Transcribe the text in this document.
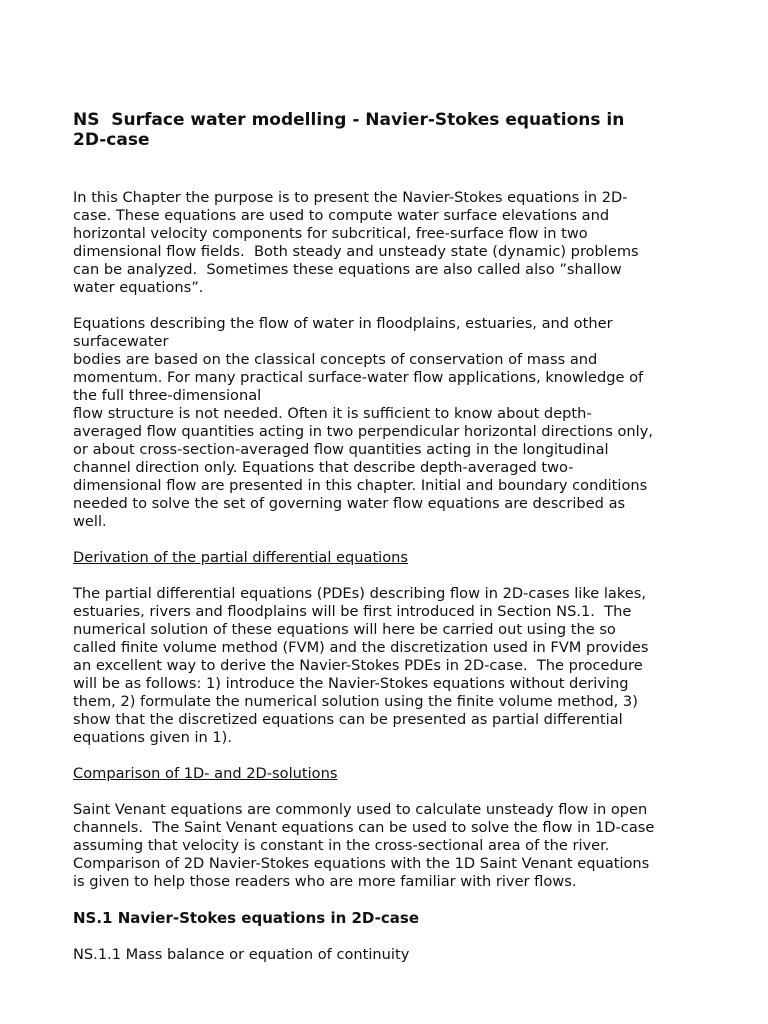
NS  Surface water modelling - Navier-Stokes equations in
2D-case

In this Chapter the purpose is to present the Navier-Stokes equations in 2D-
case. These equations are used to compute water surface elevations and
horizontal velocity components for subcritical, free-surface flow in two
dimensional flow fields.  Both steady and unsteady state (dynamic) problems
can be analyzed.  Sometimes these equations are also called also ”shallow
water equations”.

Equations describing the flow of water in floodplains, estuaries, and other
surfacewater
bodies are based on the classical concepts of conservation of mass and
momentum. For many practical surface-water flow applications, knowledge of
the full three-dimensional
flow structure is not needed. Often it is sufficient to know about depth-
averaged flow quantities acting in two perpendicular horizontal directions only,
or about cross-section-averaged flow quantities acting in the longitudinal
channel direction only. Equations that describe depth-averaged two-
dimensional flow are presented in this chapter. Initial and boundary conditions
needed to solve the set of governing water flow equations are described as
well.

Derivation of the partial differential equations

The partial differential equations (PDEs) describing flow in 2D-cases like lakes,
estuaries, rivers and floodplains will be first introduced in Section NS.1.  The
numerical solution of these equations will here be carried out using the so
called finite volume method (FVM) and the discretization used in FVM provides
an excellent way to derive the Navier-Stokes PDEs in 2D-case.  The procedure
will be as follows: 1) introduce the Navier-Stokes equations without deriving
them, 2) formulate the numerical solution using the finite volume method, 3)
show that the discretized equations can be presented as partial differential
equations given in 1).

Comparison of 1D- and 2D-solutions

Saint Venant equations are commonly used to calculate unsteady flow in open
channels.  The Saint Venant equations can be used to solve the flow in 1D-case
assuming that velocity is constant in the cross-sectional area of the river.
Comparison of 2D Navier-Stokes equations with the 1D Saint Venant equations
is given to help those readers who are more familiar with river flows.

NS.1 Navier-Stokes equations in 2D-case

NS.1.1 Mass balance or equation of continuity
